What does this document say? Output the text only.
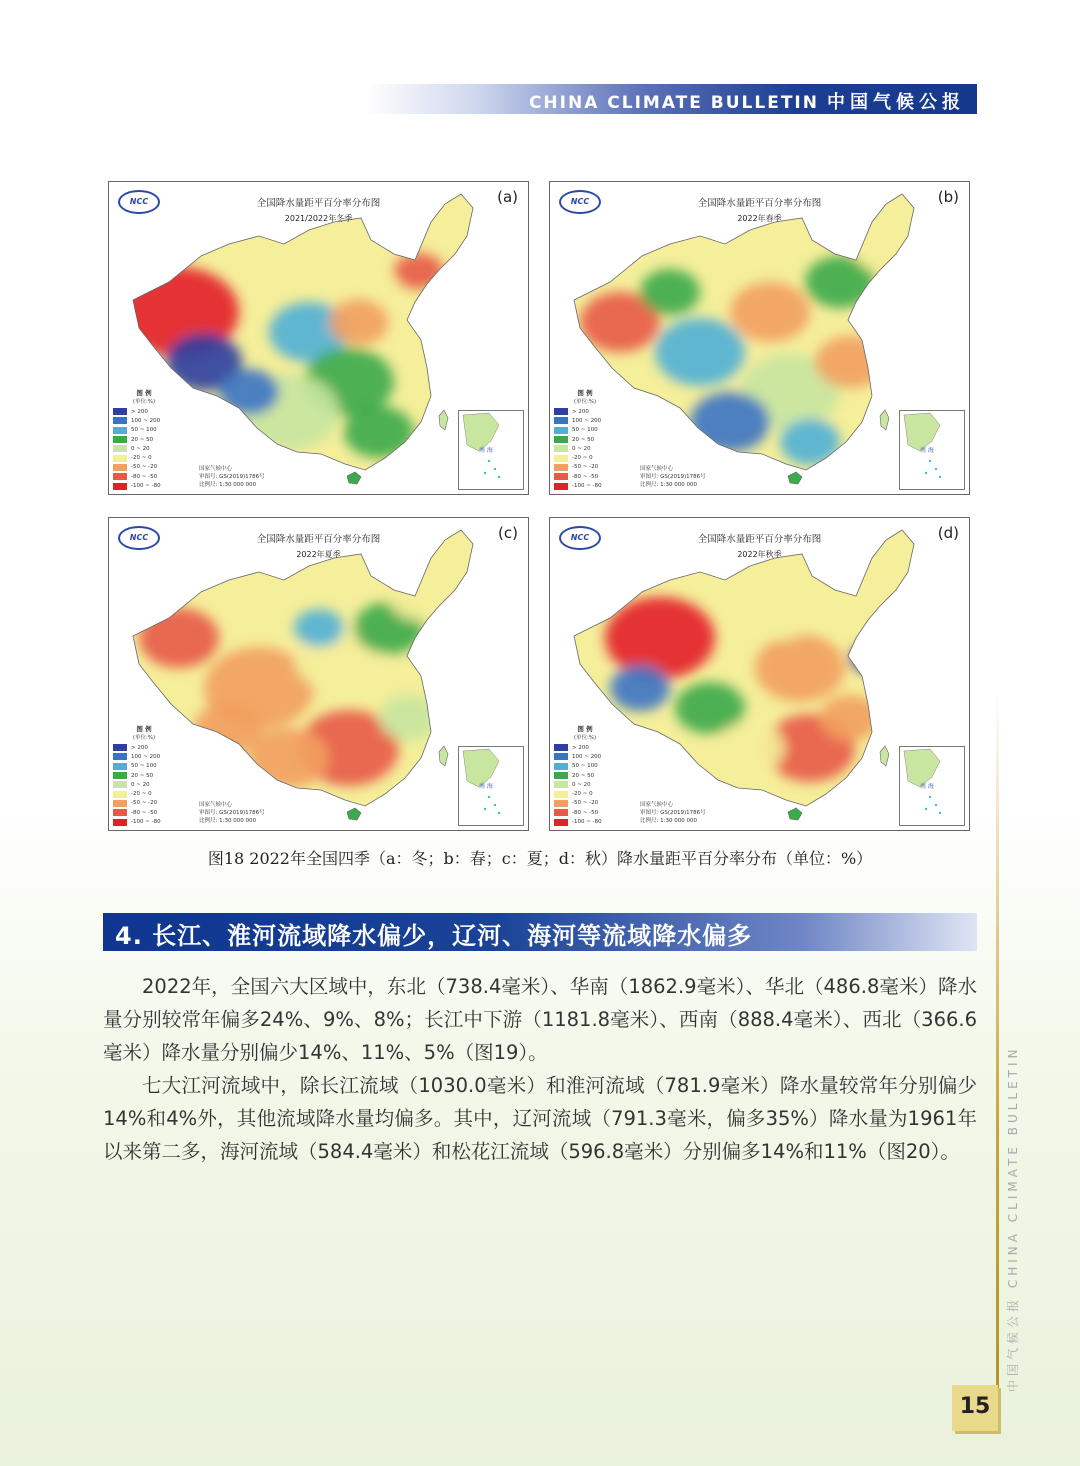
CHINA CLIMATE BULLETIN 中国气候公报
NCC	全国降水量距平百分率分布图
2021/2022年冬季
(a)
图 例
(单位:%)
> 200
100 ~ 200
50 ~ 100
20 ~ 50
0 ~ 20
-20 ~ 0
-50 ~ -20
-80 ~ -50
-100 ~ -80
国家气候中心
审图号: GS(2019)1786号
比例尺: 1:30 000 000
南 海
NCC	全国降水量距平百分率分布图
2022年春季
(b)
图 例
(单位:%)
> 200
100 ~ 200
50 ~ 100
20 ~ 50
0 ~ 20
-20 ~ 0
-50 ~ -20
-80 ~ -50
-100 ~ -80
国家气候中心
审图号: GS(2019)1786号
比例尺: 1:30 000 000
南 海
NCC	全国降水量距平百分率分布图
2022年夏季
(c)
图 例
(单位:%)
> 200
100 ~ 200
50 ~ 100
20 ~ 50
0 ~ 20
-20 ~ 0
-50 ~ -20
-80 ~ -50
-100 ~ -80
国家气候中心
审图号: GS(2019)1786号
比例尺: 1:30 000 000
南 海
NCC	全国降水量距平百分率分布图
2022年秋季
(d)
图 例
(单位:%)
> 200
100 ~ 200
50 ~ 100
20 ~ 50
0 ~ 20
-20 ~ 0
-50 ~ -20
-80 ~ -50
-100 ~ -80
国家气候中心
审图号: GS(2019)1786号
比例尺: 1:30 000 000
南 海
图18 2022年全国四季（a：冬；b：春；c：夏；d：秋）降水量距平百分率分布（单位：%）
4. 长江、淮河流域降水偏少，辽河、海河等流域降水偏多

2022年，全国六大区域中，东北（738.4毫米）、华南（1862.9毫米）、华北（486.8毫米）降水量分别较常年偏多24%、9%、8%；长江中下游（1181.8毫米）、西南（888.4毫米）、西北（366.6毫米）降水量分别偏少14%、11%、5%（图19）。

七大江河流域中，除长江流域（1030.0毫米）和淮河流域（781.9毫米）降水量较常年分别偏少14%和4%外，其他流域降水量均偏多。其中，辽河流域（791.3毫米，偏多35%）降水量为1961年以来第二多，海河流域（584.4毫米）和松花江流域（596.8毫米）分别偏多14%和11%（图20）。	中国气候公报 CHINA CLIMATE BULLETIN
15
